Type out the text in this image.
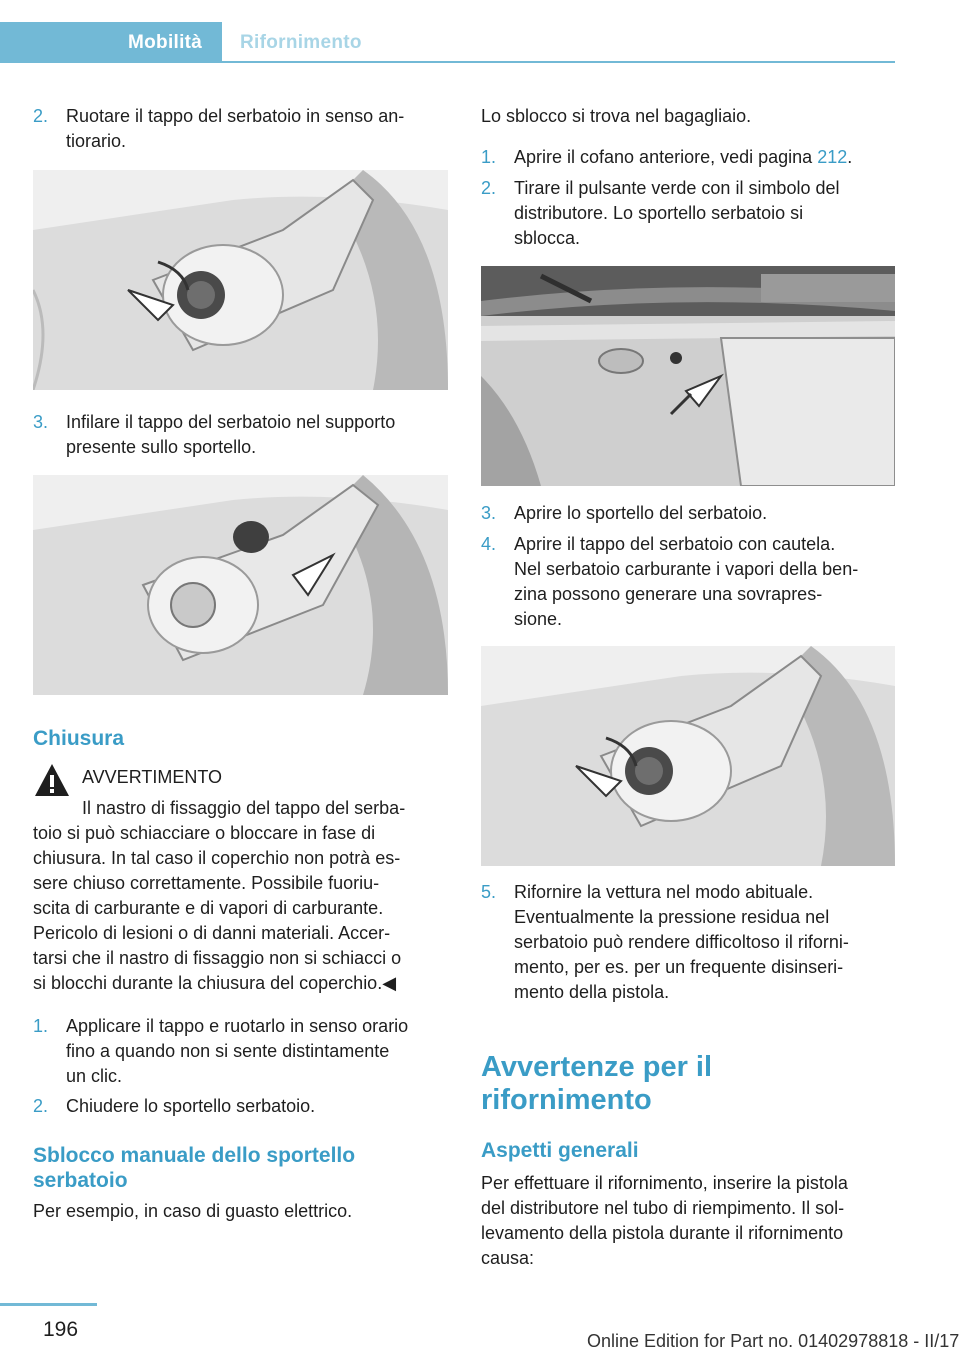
Mobilità Rifornimento
2. Ruotare il tappo del serbatoio in senso an‐
tiorario.
3. Infilare il tappo del serbatoio nel supporto
presente sullo sportello.
Chiusura
AVVERTIMENTO
Il nastro di fissaggio del tappo del serba‐
toio si può schiacciare o bloccare in fase di
chiusura. In tal caso il coperchio non potrà es‐
sere chiuso correttamente. Possibile fuoriu‐
scita di carburante e di vapori di carburante.
Pericolo di lesioni o di danni materiali. Accer‐
tarsi che il nastro di fissaggio non si schiacci o
si blocchi durante la chiusura del coperchio.◀
1. Applicare il tappo e ruotarlo in senso orario
fino a quando non si sente distintamente
un clic.
2. Chiudere lo sportello serbatoio.
Sblocco manuale dello sportello
serbatoio
Per esempio, in caso di guasto elettrico.
Lo sblocco si trova nel bagagliaio.
1. Aprire il cofano anteriore, vedi pagina 212.
2. Tirare il pulsante verde con il simbolo del
distributore. Lo sportello serbatoio si
sblocca.
3. Aprire lo sportello del serbatoio.
4. Aprire il tappo del serbatoio con cautela.
Nel serbatoio carburante i vapori della ben‐
zina possono generare una sovrapres‐
sione.
5. Rifornire la vettura nel modo abituale.
Eventualmente la pressione residua nel
serbatoio può rendere difficoltoso il riforni‐
mento, per es. per un frequente disinseri‐
mento della pistola.
Avvertenze per il
rifornimento
Aspetti generali
Per effettuare il rifornimento, inserire la pistola
del distributore nel tubo di riempimento. Il sol‐
levamento della pistola durante il rifornimento
causa:
196	Online Edition for Part no. 01402978818 - II/17
